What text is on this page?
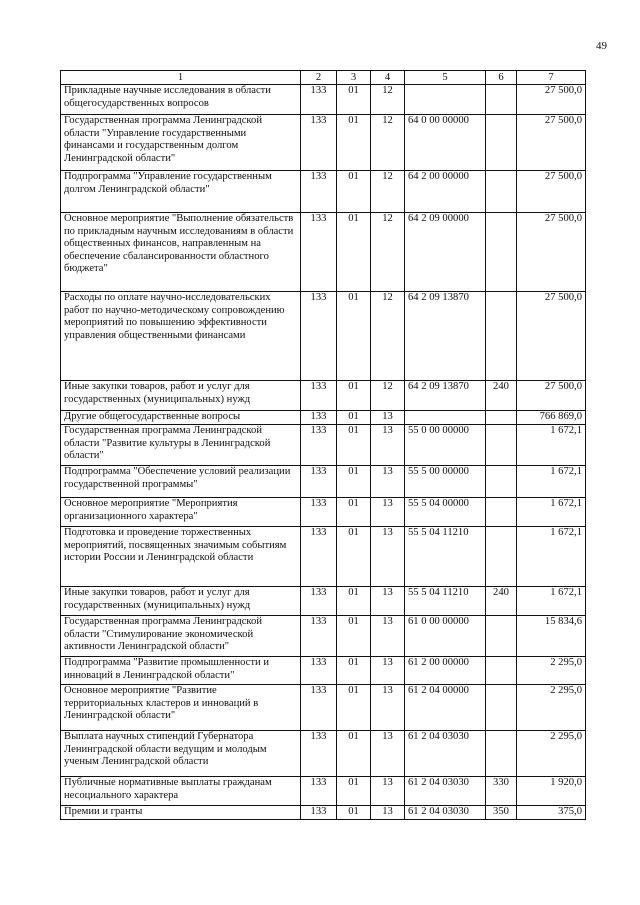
49
1	2	3	4	5	6	7
Прикладные научные исследования в области общегосударственных вопросов	133	01	12			27 500,0
Государственная программа Ленинградской области "Управление государственными финансами и государственным долгом Ленинградской области"	133	01	12	64 0 00 00000		27 500,0
Подпрограмма "Управление государственным долгом Ленинградской области"	133	01	12	64 2 00 00000		27 500,0
Основное мероприятие "Выполнение обязательств по прикладным научным исследованиям в области общественных финансов, направленным на обеспечение сбалансированности областного бюджета"	133	01	12	64 2 09 00000		27 500,0
Расходы по оплате научно-исследовательских работ по научно-методическому сопровождению мероприятий по повышению эффективности управления общественными финансами	133	01	12	64 2 09 13870		27 500,0
Иные закупки товаров, работ и услуг для государственных (муниципальных) нужд	133	01	12	64 2 09 13870	240	27 500,0
Другие общегосударственные вопросы	133	01	13			766 869,0
Государственная программа Ленинградской области "Развитие культуры в Ленинградской области"	133	01	13	55 0 00 00000		1 672,1
Подпрограмма "Обеспечение условий реализации государственной программы"	133	01	13	55 5 00 00000		1 672,1
Основное мероприятие "Мероприятия организационного характера"	133	01	13	55 5 04 00000		1 672,1
Подготовка и проведение торжественных мероприятий, посвященных значимым событиям истории России и Ленинградской области	133	01	13	55 5 04 11210		1 672,1
Иные закупки товаров, работ и услуг для государственных (муниципальных) нужд	133	01	13	55 5 04 11210	240	1 672,1
Государственная программа Ленинградской области "Стимулирование экономической активности Ленинградской области"	133	01	13	61 0 00 00000		15 834,6
Подпрограмма "Развитие промышленности и инноваций в Ленинградской области"	133	01	13	61 2 00 00000		2 295,0
Основное мероприятие "Развитие территориальных кластеров и инноваций в Ленинградской области"	133	01	13	61 2 04 00000		2 295,0
Выплата научных стипендий Губернатора Ленинградской области ведущим и молодым ученым Ленинградской области	133	01	13	61 2 04 03030		2 295,0
Публичные нормативные выплаты гражданам несоциального характера	133	01	13	61 2 04 03030	330	1 920,0
Премии и гранты	133	01	13	61 2 04 03030	350	375,0
